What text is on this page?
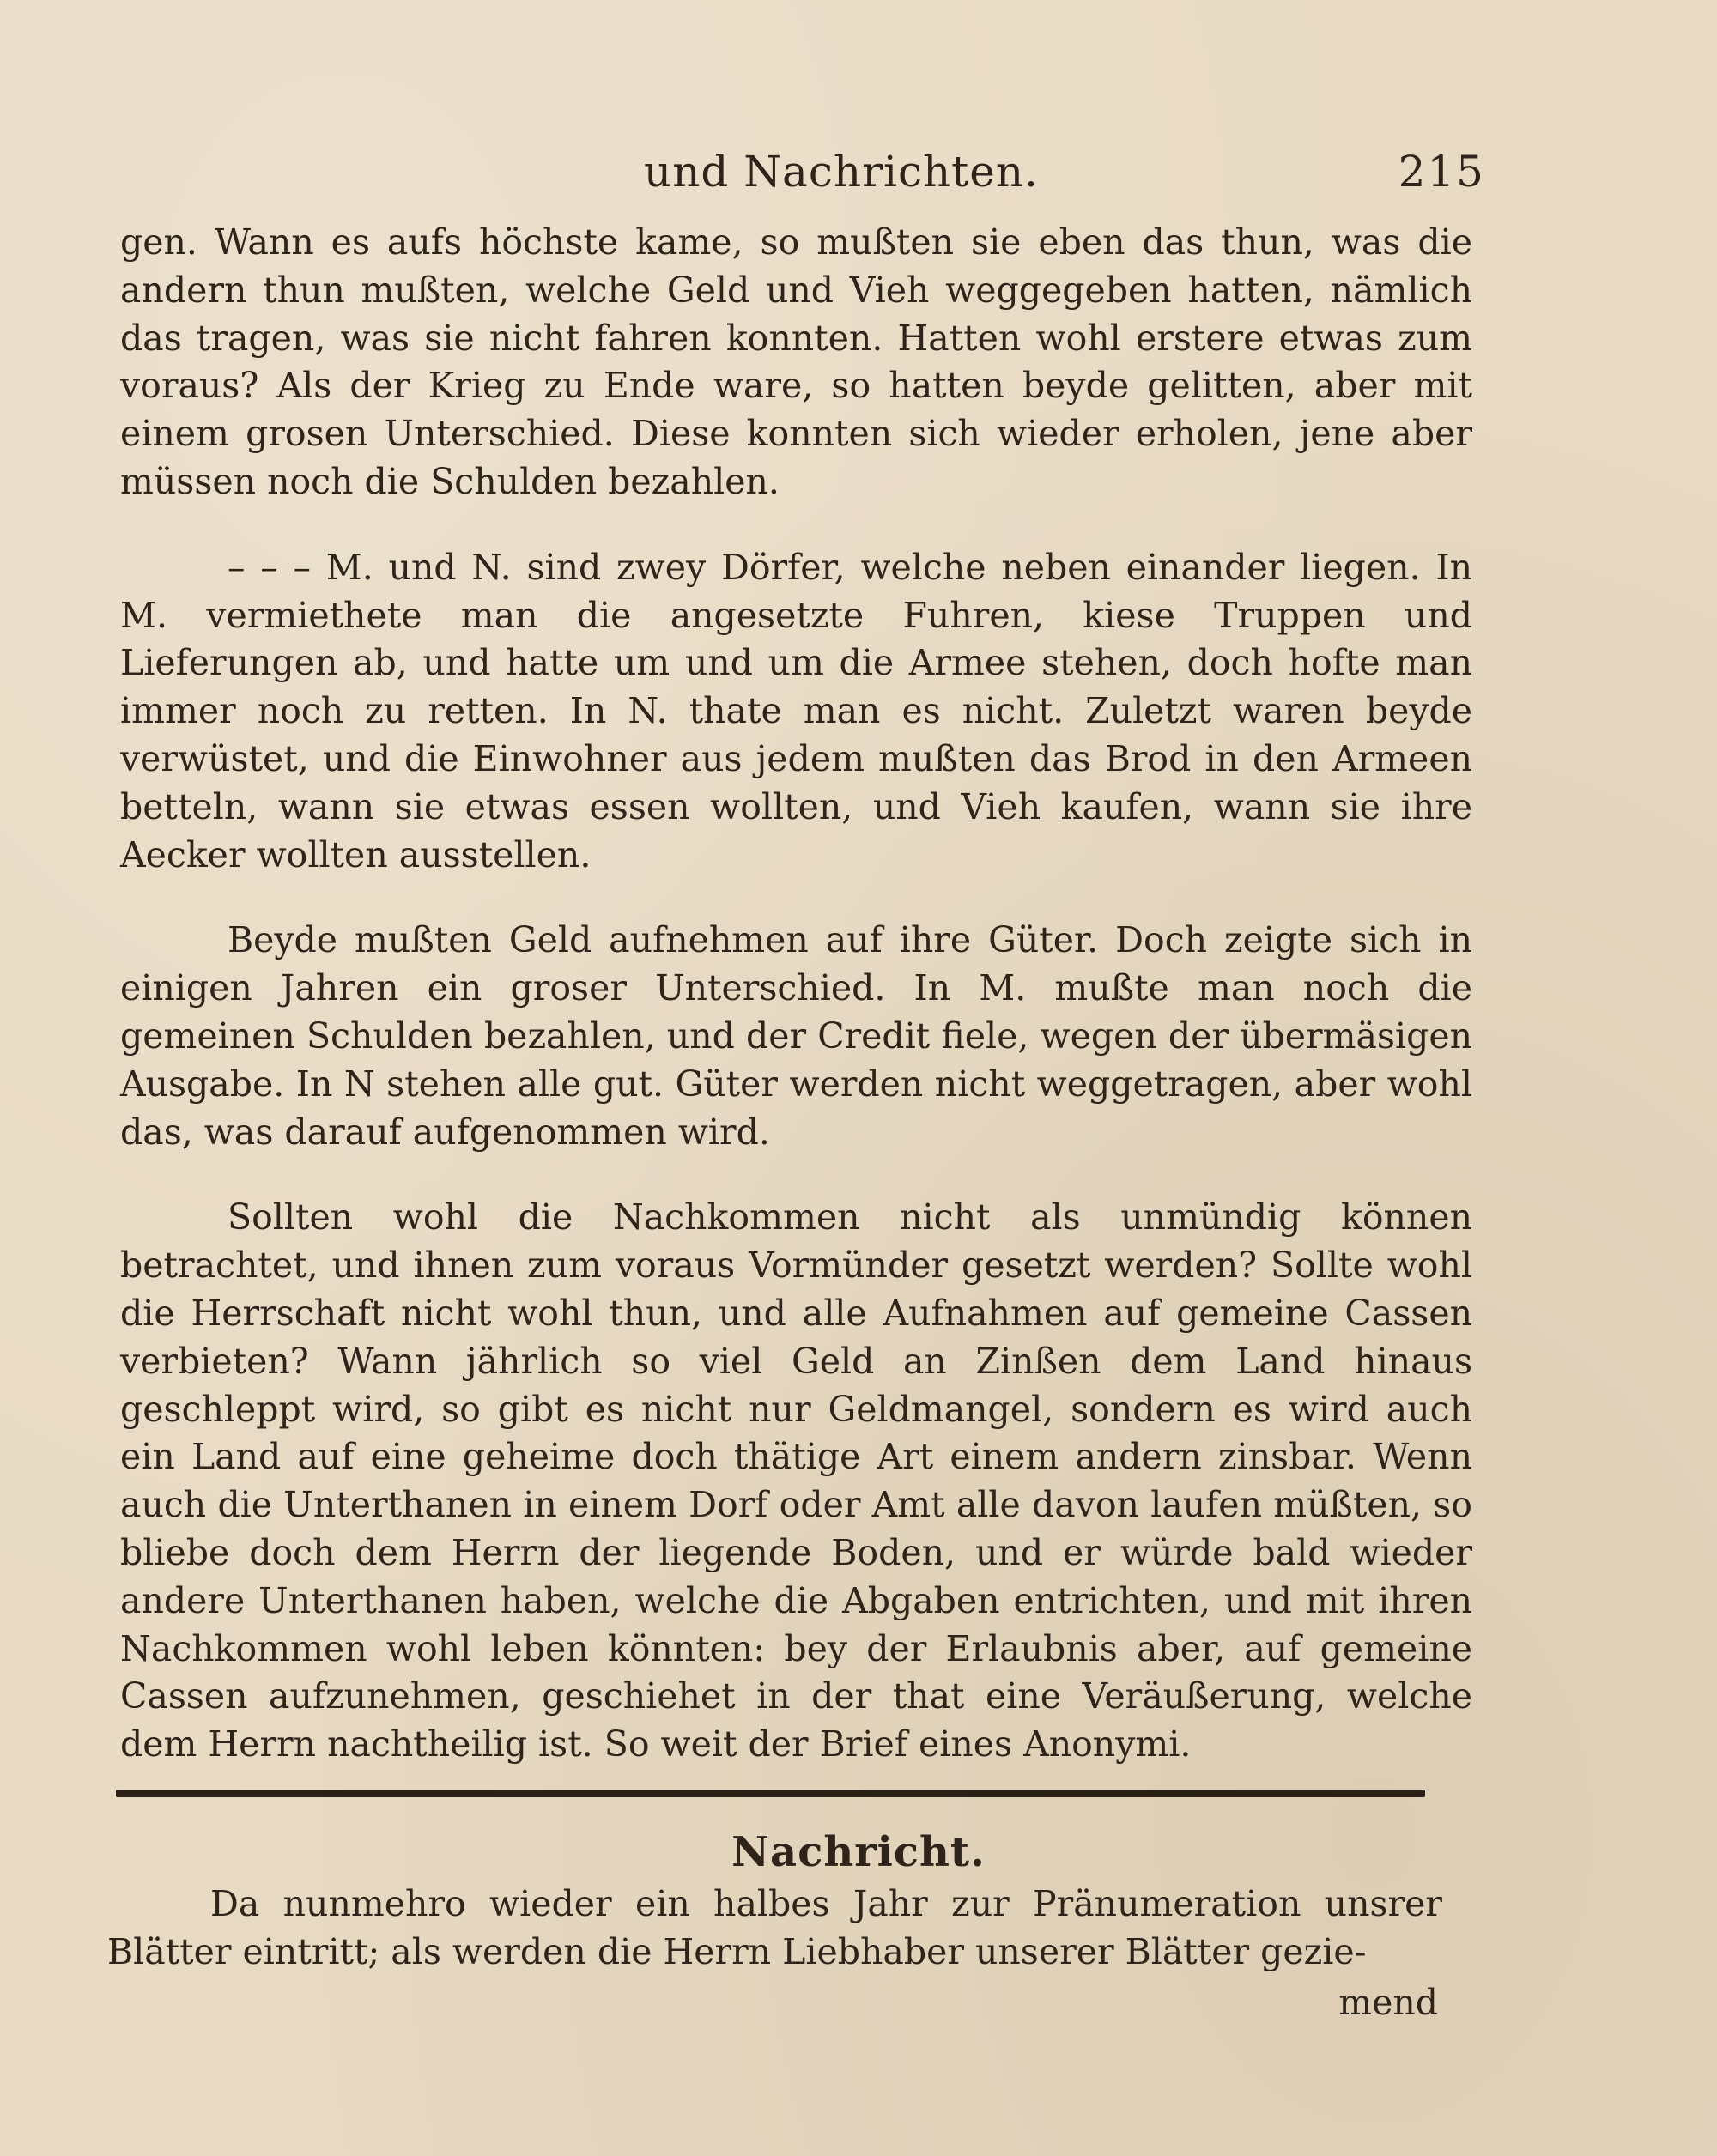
und Nachrichten.	215

gen. Wann es aufs höchste kame, so mußten sie eben das thun, was die andern thun mußten, welche Geld und Vieh weggegeben hatten, nämlich das tragen, was sie nicht fahren konnten. Hatten wohl erstere etwas zum voraus? Als der Krieg zu Ende ware, so hatten beyde gelitten, aber mit einem grosen Unterschied. Diese konnten sich wieder erholen, jene aber müssen noch die Schulden bezahlen.

– – – M. und N. sind zwey Dörfer, welche neben einander liegen. In M. vermiethete man die angesetzte Fuhren, kiese Truppen und Lieferungen ab, und hatte um und um die Armee stehen, doch hofte man immer noch zu retten. In N. thate man es nicht. Zuletzt waren beyde verwüstet, und die Einwohner aus jedem mußten das Brod in den Armeen betteln, wann sie etwas essen wollten, und Vieh kaufen, wann sie ihre Aecker wollten ausstellen.

Beyde mußten Geld aufnehmen auf ihre Güter. Doch zeigte sich in einigen Jahren ein groser Unterschied. In M. mußte man noch die gemeinen Schulden bezahlen, und der Credit fiele, wegen der übermäsigen Ausgabe. In N stehen alle gut. Güter werden nicht weggetragen, aber wohl das, was darauf aufgenommen wird.

Sollten wohl die Nachkommen nicht als unmündig können betrachtet, und ihnen zum voraus Vormünder gesetzt werden? Sollte wohl die Herrschaft nicht wohl thun, und alle Aufnahmen auf gemeine Cassen verbieten? Wann jährlich so viel Geld an Zinßen dem Land hinaus geschleppt wird, so gibt es nicht nur Geldmangel, sondern es wird auch ein Land auf eine geheime doch thätige Art einem andern zinsbar. Wenn auch die Unterthanen in einem Dorf oder Amt alle davon laufen müßten, so bliebe doch dem Herrn der liegende Boden, und er würde bald wieder andere Unterthanen haben, welche die Abgaben entrichten, und mit ihren Nachkommen wohl leben könnten: bey der Erlaubnis aber, auf gemeine Cassen aufzunehmen, geschiehet in der that eine Veräußerung, welche dem Herrn nachtheilig ist. So weit der Brief eines Anonymi.

Nachricht.

Da nunmehro wieder ein halbes Jahr zur Pränumeration unsrer Blätter eintritt; als werden die Herrn Liebhaber unserer Blätter gezie-

mend
